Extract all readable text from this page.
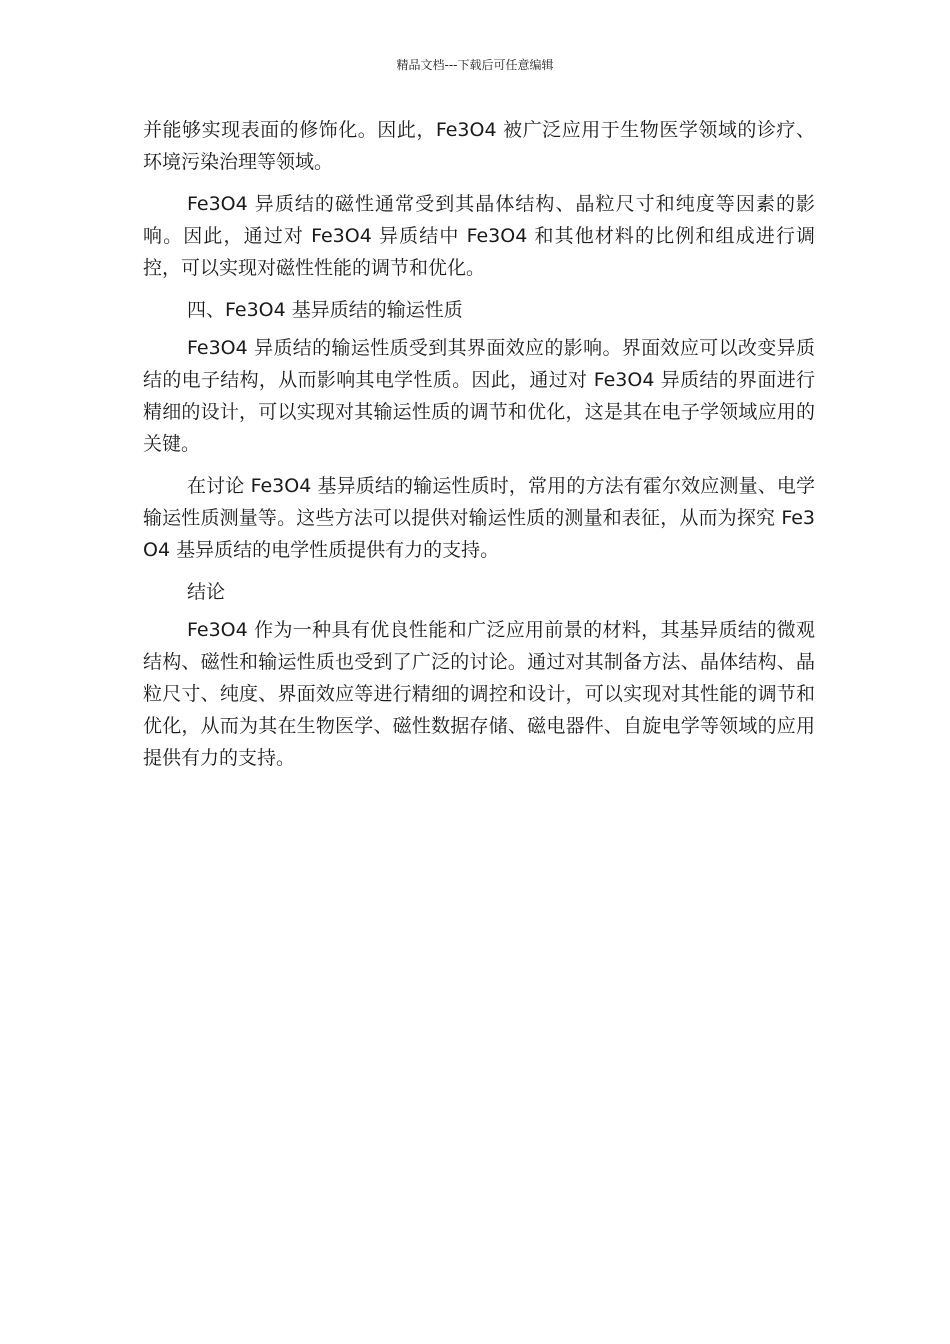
精品文档---下载后可任意编辑

并能够实现表面的修饰化。因此，Fe3O4 被广泛应用于生物医学领域的诊疗、环境污染治理等领域。

Fe3O4 异质结的磁性通常受到其晶体结构、晶粒尺寸和纯度等因素的影响。因此，通过对 Fe3O4 异质结中 Fe3O4 和其他材料的比例和组成进行调控，可以实现对磁性性能的调节和优化。

四、Fe3O4 基异质结的输运性质

Fe3O4 异质结的输运性质受到其界面效应的影响。界面效应可以改变异质结的电子结构，从而影响其电学性质。因此，通过对 Fe3O4 异质结的界面进行精细的设计，可以实现对其输运性质的调节和优化，这是其在电子学领域应用的关键。

在讨论 Fe3O4 基异质结的输运性质时，常用的方法有霍尔效应测量、电学输运性质测量等。这些方法可以提供对输运性质的测量和表征，从而为探究 Fe3O4 基异质结的电学性质提供有力的支持。

结论

Fe3O4 作为一种具有优良性能和广泛应用前景的材料，其基异质结的微观结构、磁性和输运性质也受到了广泛的讨论。通过对其制备方法、晶体结构、晶粒尺寸、纯度、界面效应等进行精细的调控和设计，可以实现对其性能的调节和优化，从而为其在生物医学、磁性数据存储、磁电器件、自旋电学等领域的应用提供有力的支持。
